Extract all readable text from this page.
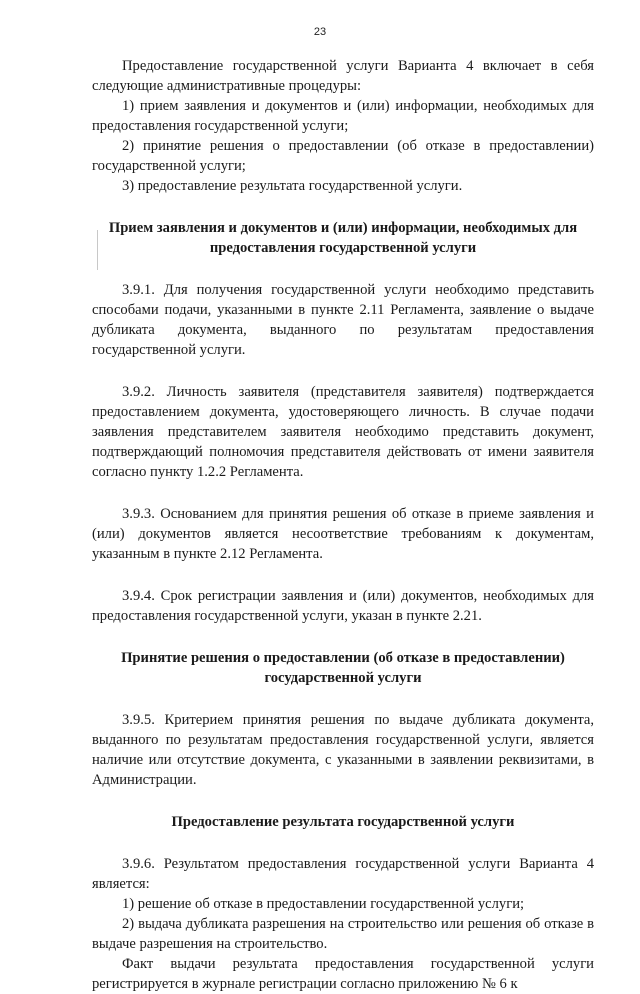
23

Предоставление государственной услуги Варианта 4 включает в себя следующие административные процедуры:

1) прием заявления и документов и (или) информации, необходимых для предоставления государственной услуги;

2) принятие решения о предоставлении (об отказе в предоставлении) государственной услуги;

3) предоставление результата государственной услуги.

Прием заявления и документов и (или) информации, необходимых для предоставления государственной услуги

3.9.1. Для получения государственной услуги необходимо представить способами подачи, указанными в пункте 2.11 Регламента, заявление о выдаче дубликата документа, выданного по результатам предоставления государственной услуги.

3.9.2. Личность заявителя (представителя заявителя) подтверждается предоставлением документа, удостоверяющего личность. В случае подачи заявления представителем заявителя необходимо представить документ, подтверждающий полномочия представителя действовать от имени заявителя согласно пункту 1.2.2 Регламента.

3.9.3. Основанием для принятия решения об отказе в приеме заявления и (или) документов является несоответствие требованиям к документам, указанным в пункте 2.12 Регламента.

3.9.4. Срок регистрации заявления и (или) документов, необходимых для предоставления государственной услуги, указан в пункте 2.21.

Принятие решения о предоставлении (об отказе в предоставлении) государственной услуги

3.9.5. Критерием принятия решения по выдаче дубликата документа, выданного по результатам предоставления государственной услуги, является наличие или отсутствие документа, с указанными в заявлении реквизитами, в Администрации.

Предоставление результата государственной услуги

3.9.6. Результатом предоставления государственной услуги Варианта 4 является:

1) решение об отказе в предоставлении государственной услуги;

2) выдача дубликата разрешения на строительство или решения об отказе в выдаче разрешения на строительство.

Факт выдачи результата предоставления государственной услуги регистрируется в журнале регистрации согласно приложению № 6 к
